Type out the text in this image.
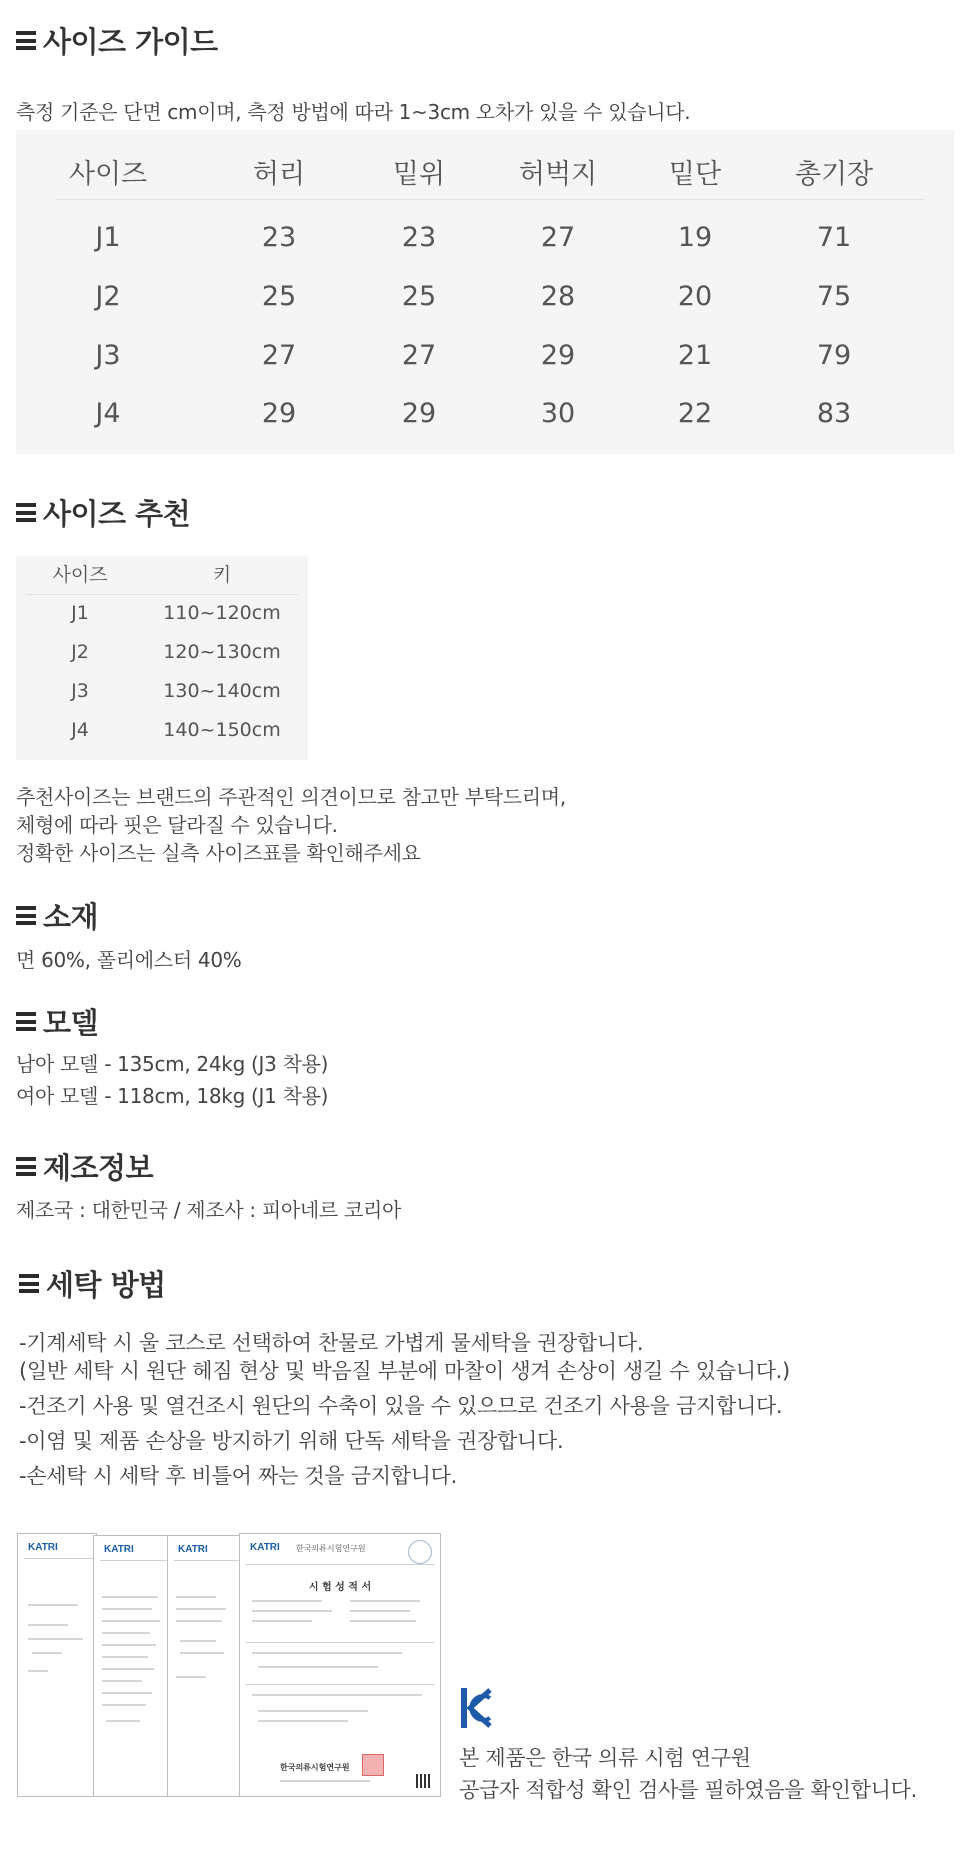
사이즈 가이드
측정 기준은 단면 cm이며, 측정 방법에 따라 1~3cm 오차가 있을 수 있습니다.
사이즈	허리	밑위	허벅지	밑단	총기장
J1	23	23	27	19	71
J2	25	25	28	20	75
J3	27	27	29	21	79
J4	29	29	30	22	83
사이즈 추천
사이즈	키
J1	110~120cm
J2	120~130cm
J3	130~140cm
J4	140~150cm
추천사이즈는 브랜드의 주관적인 의견이므로 참고만 부탁드리며,
체형에 따라 핏은 달라질 수 있습니다.
정확한 사이즈는 실측 사이즈표를 확인해주세요
소재
면 60%, 폴리에스터 40%
모델
남아 모델 - 135cm, 24kg (J3 착용)
여아 모델 - 118cm, 18kg (J1 착용)
제조정보
제조국 : 대한민국 / 제조사 : 피아네르 코리아
세탁 방법
-기계세탁 시 울 코스로 선택하여 찬물로 가볍게 물세탁을 권장합니다.
(일반 세탁 시 원단 헤짐 현상 및 박음질 부분에 마찰이 생겨 손상이 생길 수 있습니다.)
-건조기 사용 및 열건조시 원단의 수축이 있을 수 있으므로 건조기 사용을 금지합니다.
-이염 및 제품 손상을 방지하기 위해 단독 세탁을 권장합니다.
-손세탁 시 세탁 후 비틀어 짜는 것을 금지합니다.
KATRI	KATRI	KATRI	KATRI 한국의류시험연구원
시 험 성 적 서
한국의류시험연구원	본 제품은 한국 의류 시험 연구원
공급자 적합성 확인 검사를 필하였음을 확인합니다.
